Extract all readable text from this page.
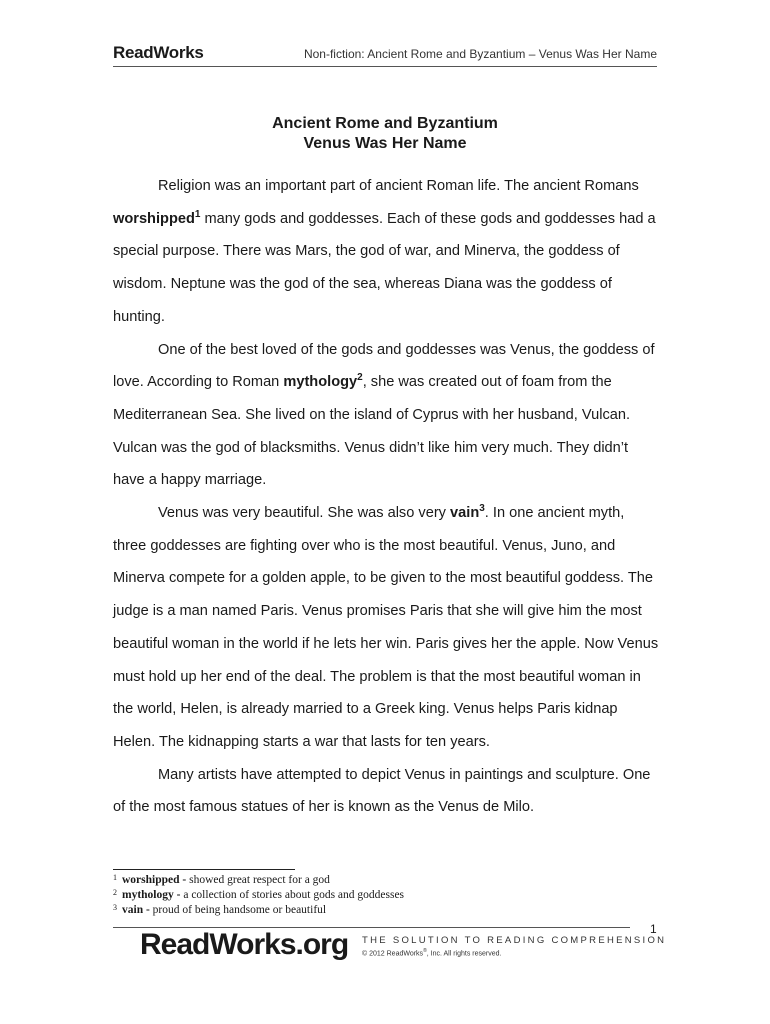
ReadWorks	Non-fiction: Ancient Rome and Byzantium – Venus Was Her Name
Ancient Rome and Byzantium
Venus Was Her Name

Religion was an important part of ancient Roman life. The ancient Romans worshipped$^1$ many gods and goddesses. Each of these gods and goddesses had a special purpose. There was Mars, the god of war, and Minerva, the goddess of wisdom. Neptune was the god of the sea, whereas Diana was the goddess of hunting.

One of the best loved of the gods and goddesses was Venus, the goddess of love. According to Roman mythology$^2$, she was created out of foam from the Mediterranean Sea. She lived on the island of Cyprus with her husband, Vulcan. Vulcan was the god of blacksmiths. Venus didn’t like him very much. They didn’t have a happy marriage.

Venus was very beautiful. She was also very vain$^3$. In one ancient myth, three goddesses are fighting over who is the most beautiful. Venus, Juno, and Minerva compete for a golden apple, to be given to the most beautiful goddess. The judge is a man named Paris. Venus promises Paris that she will give him the most beautiful woman in the world if he lets her win. Paris gives her the apple. Now Venus must hold up her end of the deal. The problem is that the most beautiful woman in the world, Helen, is already married to a Greek king. Venus helps Paris kidnap Helen. The kidnapping starts a war that lasts for ten years.

Many artists have attempted to depict Venus in paintings and sculpture. One of the most famous statues of her is known as the Venus de Milo.

1 worshipped - showed great respect for a god
2 mythology - a collection of stories about gods and goddesses
3 vain - proud of being handsome or beautiful
1
ReadWorks.org THE SOLUTION TO READING COMPREHENSION
© 2012 ReadWorks®, Inc. All rights reserved.
